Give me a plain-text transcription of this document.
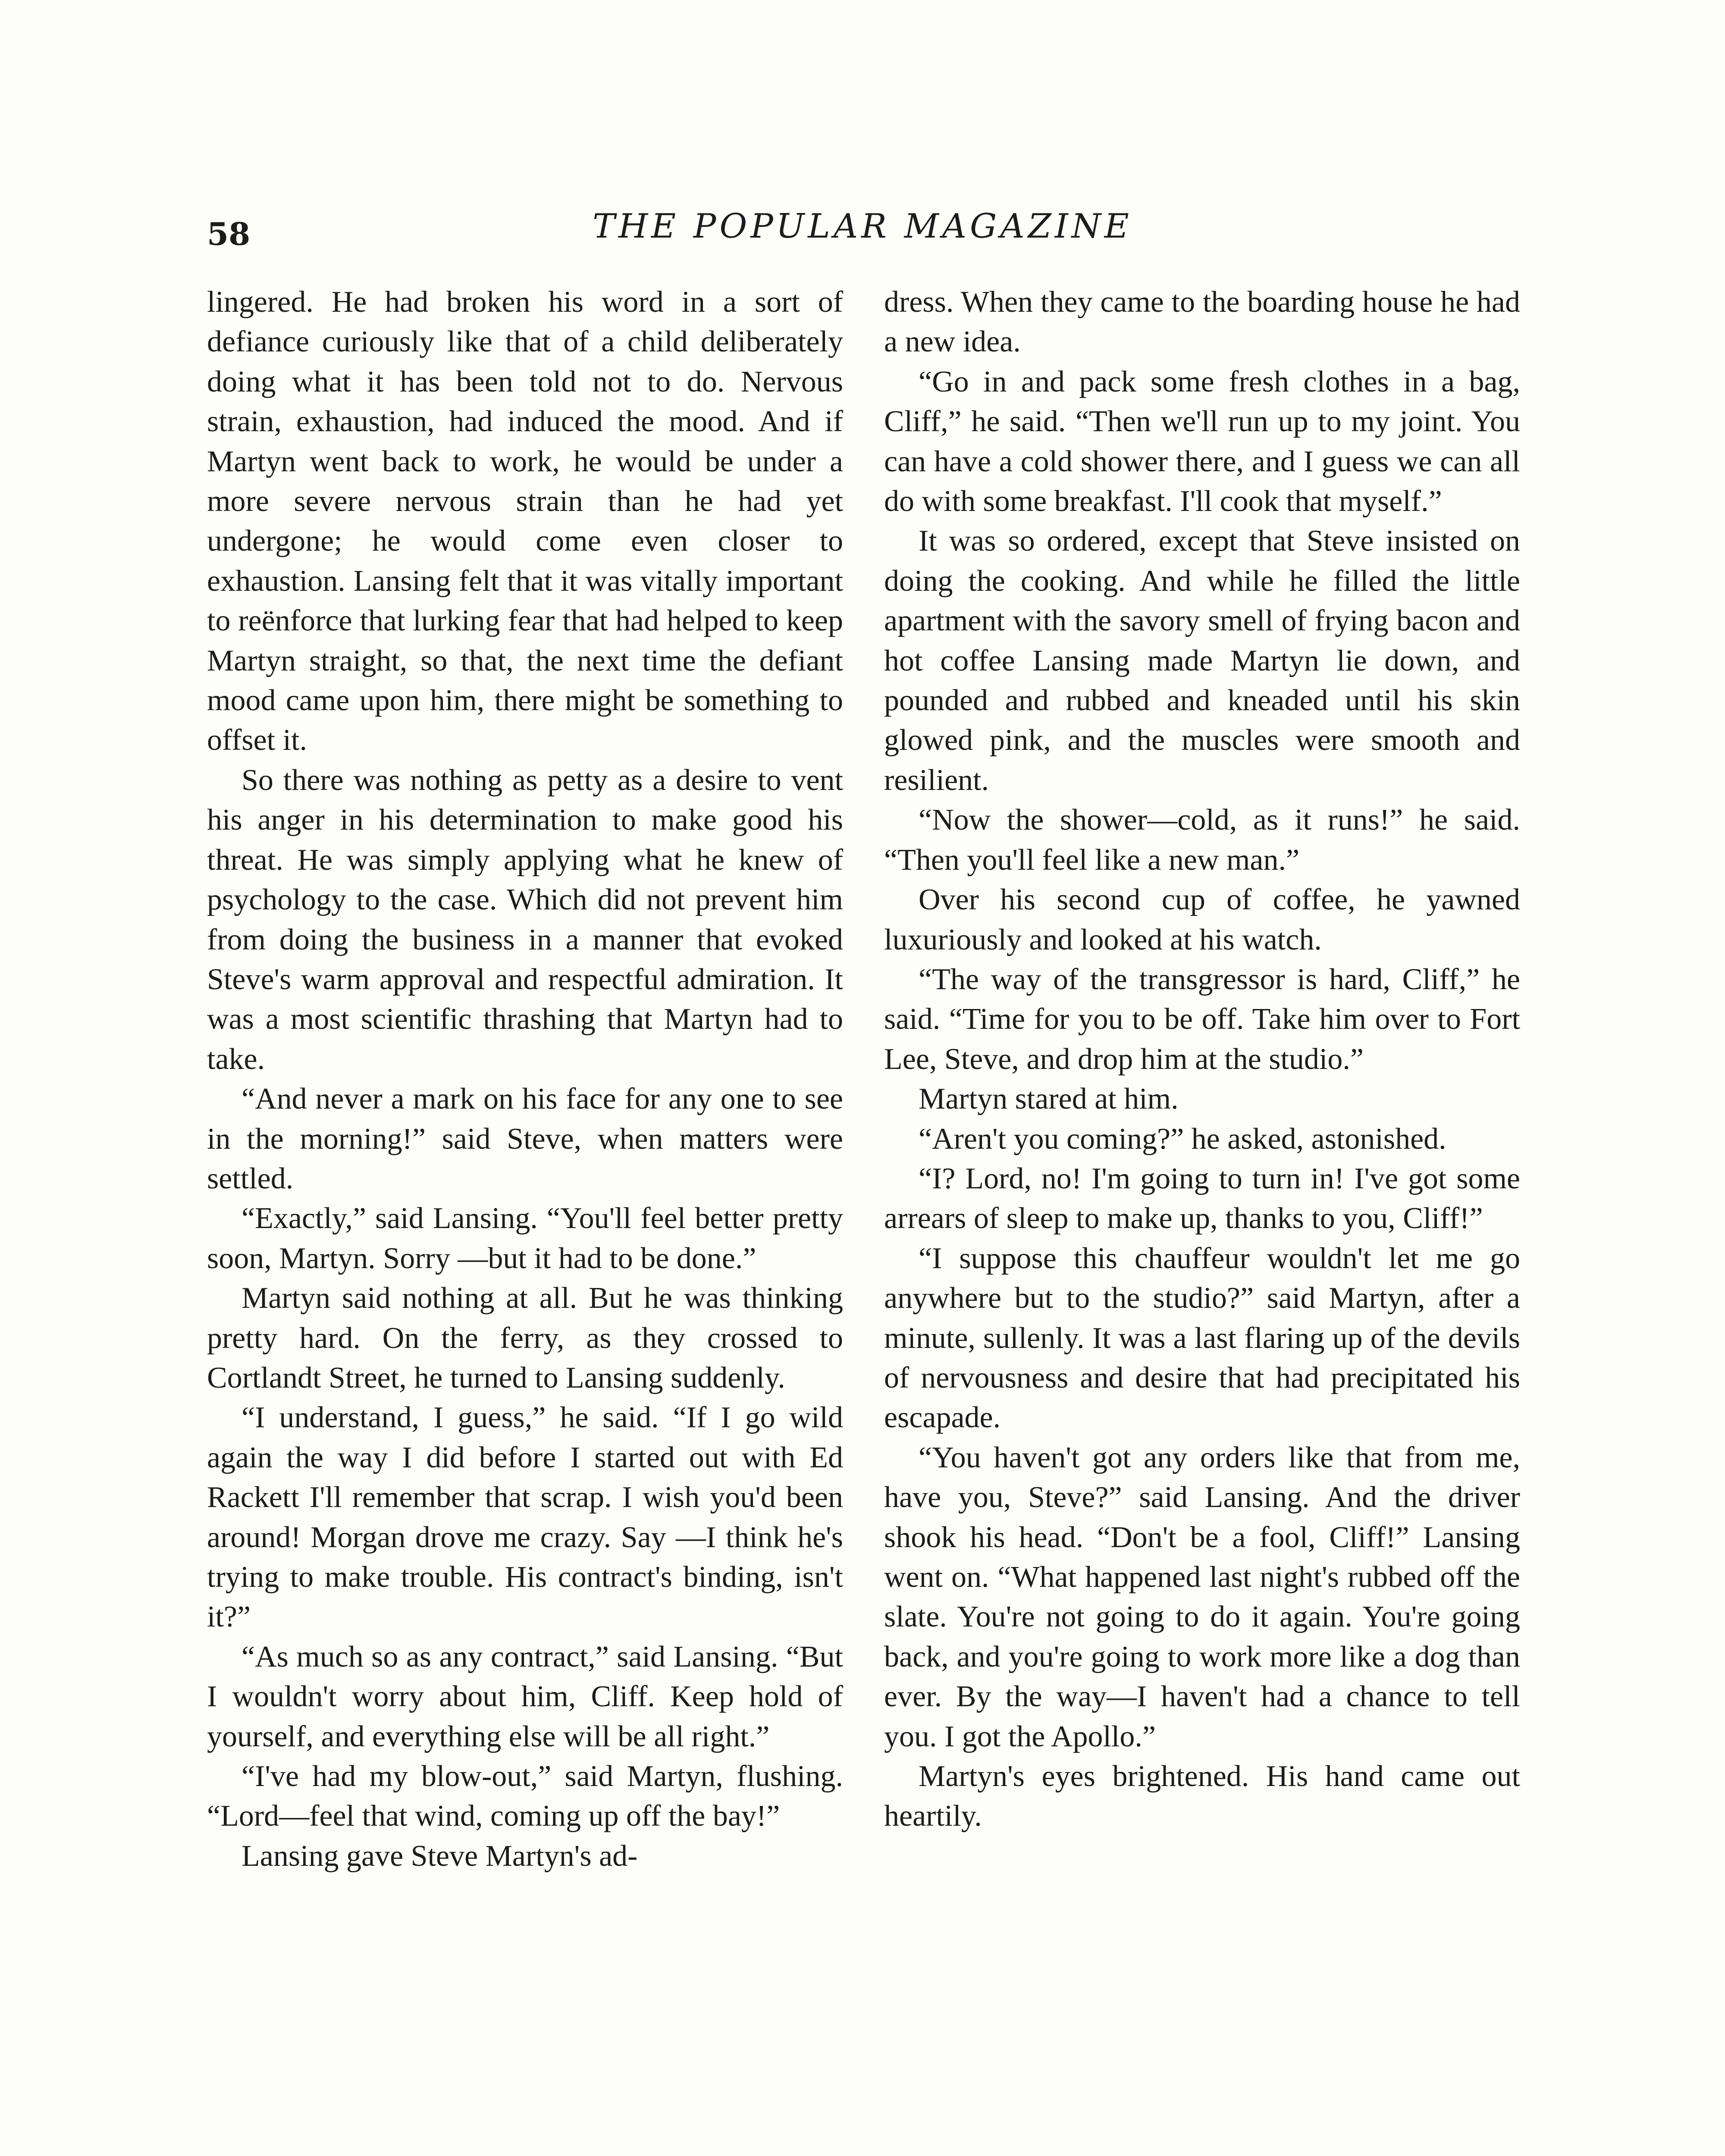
58	THE POPULAR MAGAZINE

lingered. He had broken his word in a sort of defiance curiously like that of a child deliberately doing what it has been told not to do. Nervous strain, exhaustion, had induced the mood. And if Martyn went back to work, he would be under a more severe nervous strain than he had yet undergone; he would come even closer to exhaustion. Lansing felt that it was vitally important to reënforce that lurking fear that had helped to keep Martyn straight, so that, the next time the defiant mood came upon him, there might be something to offset it.

So there was nothing as petty as a desire to vent his anger in his determination to make good his threat. He was simply applying what he knew of psychology to the case. Which did not prevent him from doing the business in a manner that evoked Steve's warm approval and respectful admiration. It was a most scientific thrashing that Martyn had to take.

“And never a mark on his face for any one to see in the morning!” said Steve, when matters were settled.

“Exactly,” said Lansing. “You'll feel better pretty soon, Martyn. Sorry —but it had to be done.”

Martyn said nothing at all. But he was thinking pretty hard. On the ferry, as they crossed to Cortlandt Street, he turned to Lansing suddenly.

“I understand, I guess,” he said. “If I go wild again the way I did before I started out with Ed Rackett I'll remember that scrap. I wish you'd been around! Morgan drove me crazy. Say —I think he's trying to make trouble. His contract's binding, isn't it?”

“As much so as any contract,” said Lansing. “But I wouldn't worry about him, Cliff. Keep hold of yourself, and everything else will be all right.”

“I've had my blow-out,” said Martyn, flushing. “Lord—feel that wind, coming up off the bay!”

Lansing gave Steve Martyn's ad-

dress. When they came to the boarding house he had a new idea.

“Go in and pack some fresh clothes in a bag, Cliff,” he said. “Then we'll run up to my joint. You can have a cold shower there, and I guess we can all do with some breakfast. I'll cook that myself.”

It was so ordered, except that Steve insisted on doing the cooking. And while he filled the little apartment with the savory smell of frying bacon and hot coffee Lansing made Martyn lie down, and pounded and rubbed and kneaded until his skin glowed pink, and the muscles were smooth and resilient.

“Now the shower—cold, as it runs!” he said. “Then you'll feel like a new man.”

Over his second cup of coffee, he yawned luxuriously and looked at his watch.

“The way of the transgressor is hard, Cliff,” he said. “Time for you to be off. Take him over to Fort Lee, Steve, and drop him at the studio.”

Martyn stared at him.

“Aren't you coming?” he asked, astonished.

“I? Lord, no! I'm going to turn in! I've got some arrears of sleep to make up, thanks to you, Cliff!”

“I suppose this chauffeur wouldn't let me go anywhere but to the studio?” said Martyn, after a minute, sullenly. It was a last flaring up of the devils of nervousness and desire that had precipitated his escapade.

“You haven't got any orders like that from me, have you, Steve?” said Lansing. And the driver shook his head. “Don't be a fool, Cliff!” Lansing went on. “What happened last night's rubbed off the slate. You're not going to do it again. You're going back, and you're going to work more like a dog than ever. By the way—I haven't had a chance to tell you. I got the Apollo.”

Martyn's eyes brightened. His hand came out heartily.
